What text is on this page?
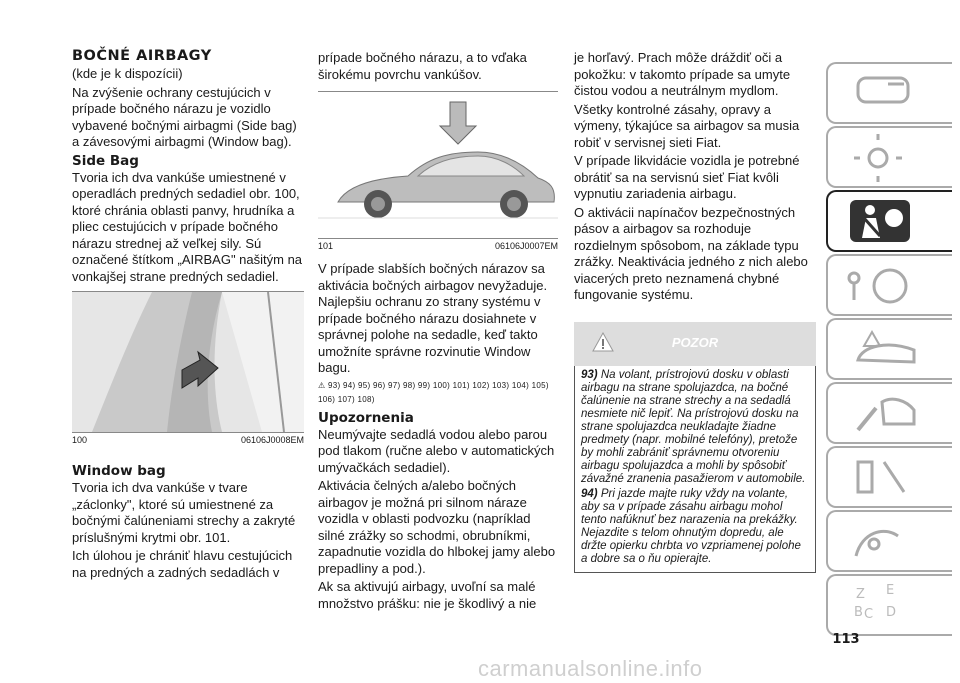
BOČNÉ AIRBAGY

(kde je k dispozícii)

Na zvýšenie ochrany cestujúcich v prípade bočného nárazu je vozidlo vybavené bočnými airbagmi (Side bag) a závesovými airbagmi (Window bag).

Side Bag

Tvoria ich dva vankúše umiestnené v operadlách predných sedadiel obr. 100, ktoré chránia oblasti panvy, hrudníka a pliec cestujúcich v prípade bočného nárazu strednej až veľkej sily. Sú označené štítkom „AIRBAG" našitým na vonkajšej strane predných sedadiel.

100	06106J0008EM
Window bag

Tvoria ich dva vankúše v tvare „záclonky", ktoré sú umiestnené za bočnými čalúneniami strechy a zakryté príslušnými krytmi obr. 101.

Ich úlohou je chrániť hlavu cestujúcich na predných a zadných sedadlách v

prípade bočného nárazu, a to vďaka širokému povrchu vankúšov.

101	06106J0007EM

V prípade slabších bočných nárazov sa aktivácia bočných airbagov nevyžaduje. Najlepšiu ochranu zo strany systému v prípade bočného nárazu dosiahnete v správnej polohe na sedadle, keď takto umožníte správne rozvinutie Window bagu.

⚠ 93) 94) 95) 96) 97) 98) 99) 100) 101) 102) 103) 104) 105) 106) 107) 108)
Upozornenia

Neumývajte sedadlá vodou alebo parou pod tlakom (ručne alebo v automatických umývačkách sedadiel).

Aktivácia čelných a/alebo bočných airbagov je možná pri silnom náraze vozidla v oblasti podvozku (napríklad silné zrážky so schodmi, obrubníkmi, zapadnutie vozidla do hlbokej jamy alebo prepadliny a pod.).

Ak sa aktivujú airbagy, uvoľní sa malé množstvo prášku: nie je škodlivý a nie

je horľavý. Prach môže dráždiť oči a pokožku: v takomto prípade sa umyte čistou vodou a neutrálnym mydlom.

Všetky kontrolné zásahy, opravy a výmeny, týkajúce sa airbagov sa musia robiť v servisnej sieti Fiat.

V prípade likvidácie vozidla je potrebné obrátiť sa na servisnú sieť Fiat kvôli vypnutiu zariadenia airbagu.

O aktivácii napínačov bezpečnostných pásov a airbagov sa rozhoduje rozdielnym spôsobom, na základe typu zrážky. Neaktivácia jedného z nich alebo viacerých preto neznamená chybné fungovanie systému.

POZOR

93) Na volant, prístrojovú dosku v oblasti airbagu na strane spolujazdca, na bočné čalúnenie na strane strechy a na sedadlá nesmiete nič lepiť. Na prístrojovú dosku na strane spolujazdca neukladajte žiadne predmety (napr. mobilné telefóny), pretože by mohli zabrániť správnemu otvoreniu airbagu spolujazdca a mohli by spôsobiť závažné zranenia pasažierom v automobile.

94) Pri jazde majte ruky vždy na volante, aby sa v prípade zásahu airbagu mohol tento nafúknuť bez narazenia na prekážky. Nejazdite s telom ohnutým dopredu, ale držte opierku chrbta vo vzpriamenej polohe a dobre sa o ňu opierajte.

Z E
C D
B
113
carmanualsonline.info
